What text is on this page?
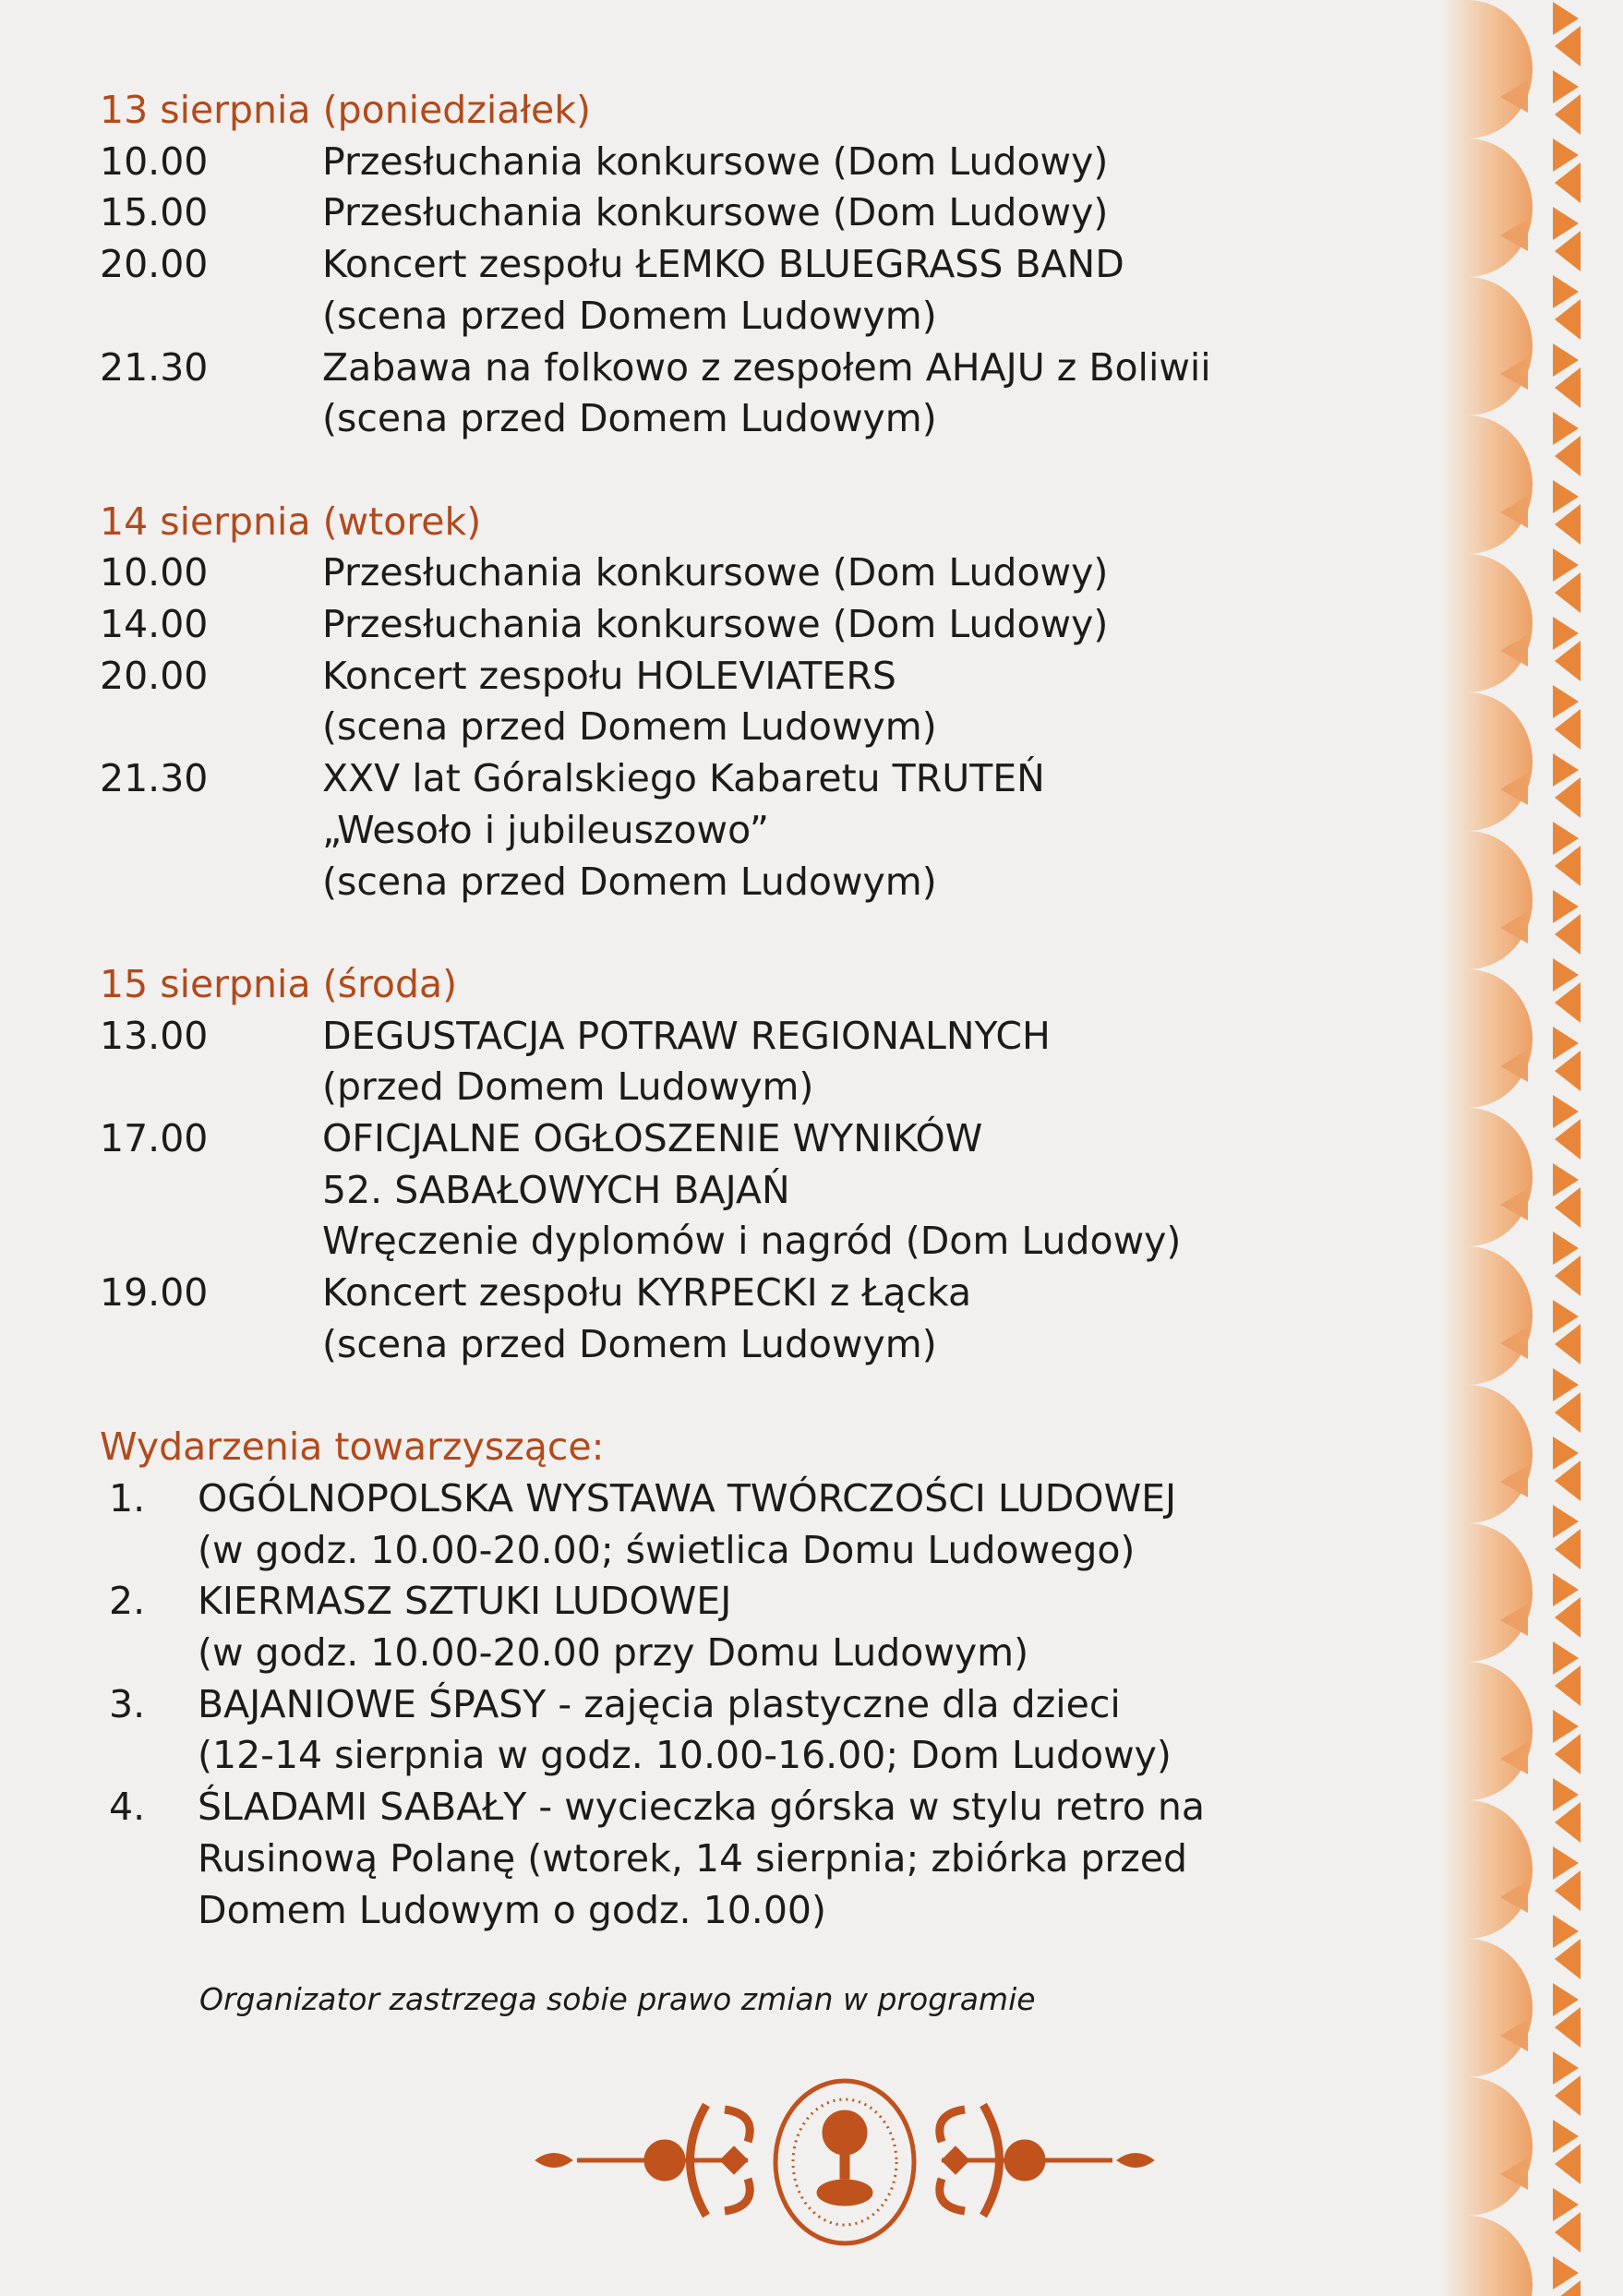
13 sierpnia (poniedziałek)
10.00	Przesłuchania konkursowe (Dom Ludowy)
15.00	Przesłuchania konkursowe (Dom Ludowy)
20.00	Koncert zespołu ŁEMKO BLUEGRASS BAND
(scena przed Domem Ludowym)
21.30	Zabawa na folkowo z zespołem AHAJU z Boliwii
(scena przed Domem Ludowym)
14 sierpnia (wtorek)
10.00	Przesłuchania konkursowe (Dom Ludowy)
14.00	Przesłuchania konkursowe (Dom Ludowy)
20.00	Koncert zespołu HOLEVIATERS
(scena przed Domem Ludowym)
21.30	XXV lat Góralskiego Kabaretu TRUTEŃ
„Wesoło i jubileuszowo”
(scena przed Domem Ludowym)
15 sierpnia (środa)
13.00	DEGUSTACJA POTRAW REGIONALNYCH
(przed Domem Ludowym)
17.00	OFICJALNE OGŁOSZENIE WYNIKÓW
52. SABAŁOWYCH BAJAŃ
Wręczenie dyplomów i nagród (Dom Ludowy)
19.00	Koncert zespołu KYRPECKI z Łącka
(scena przed Domem Ludowym)
Wydarzenia towarzyszące:
1.	OGÓLNOPOLSKA WYSTAWA TWÓRCZOŚCI LUDOWEJ
(w godz. 10.00-20.00; świetlica Domu Ludowego)
2.	KIERMASZ SZTUKI LUDOWEJ
(w godz. 10.00-20.00 przy Domu Ludowym)
3.	BAJANIOWE ŚPASY - zajęcia plastyczne dla dzieci
(12-14 sierpnia w godz. 10.00-16.00; Dom Ludowy)
4.	ŚLADAMI SABAŁY - wycieczka górska w stylu retro na
Rusinową Polanę (wtorek, 14 sierpnia; zbiórka przed
Domem Ludowym o godz. 10.00)
Organizator zastrzega sobie prawo zmian w programie
